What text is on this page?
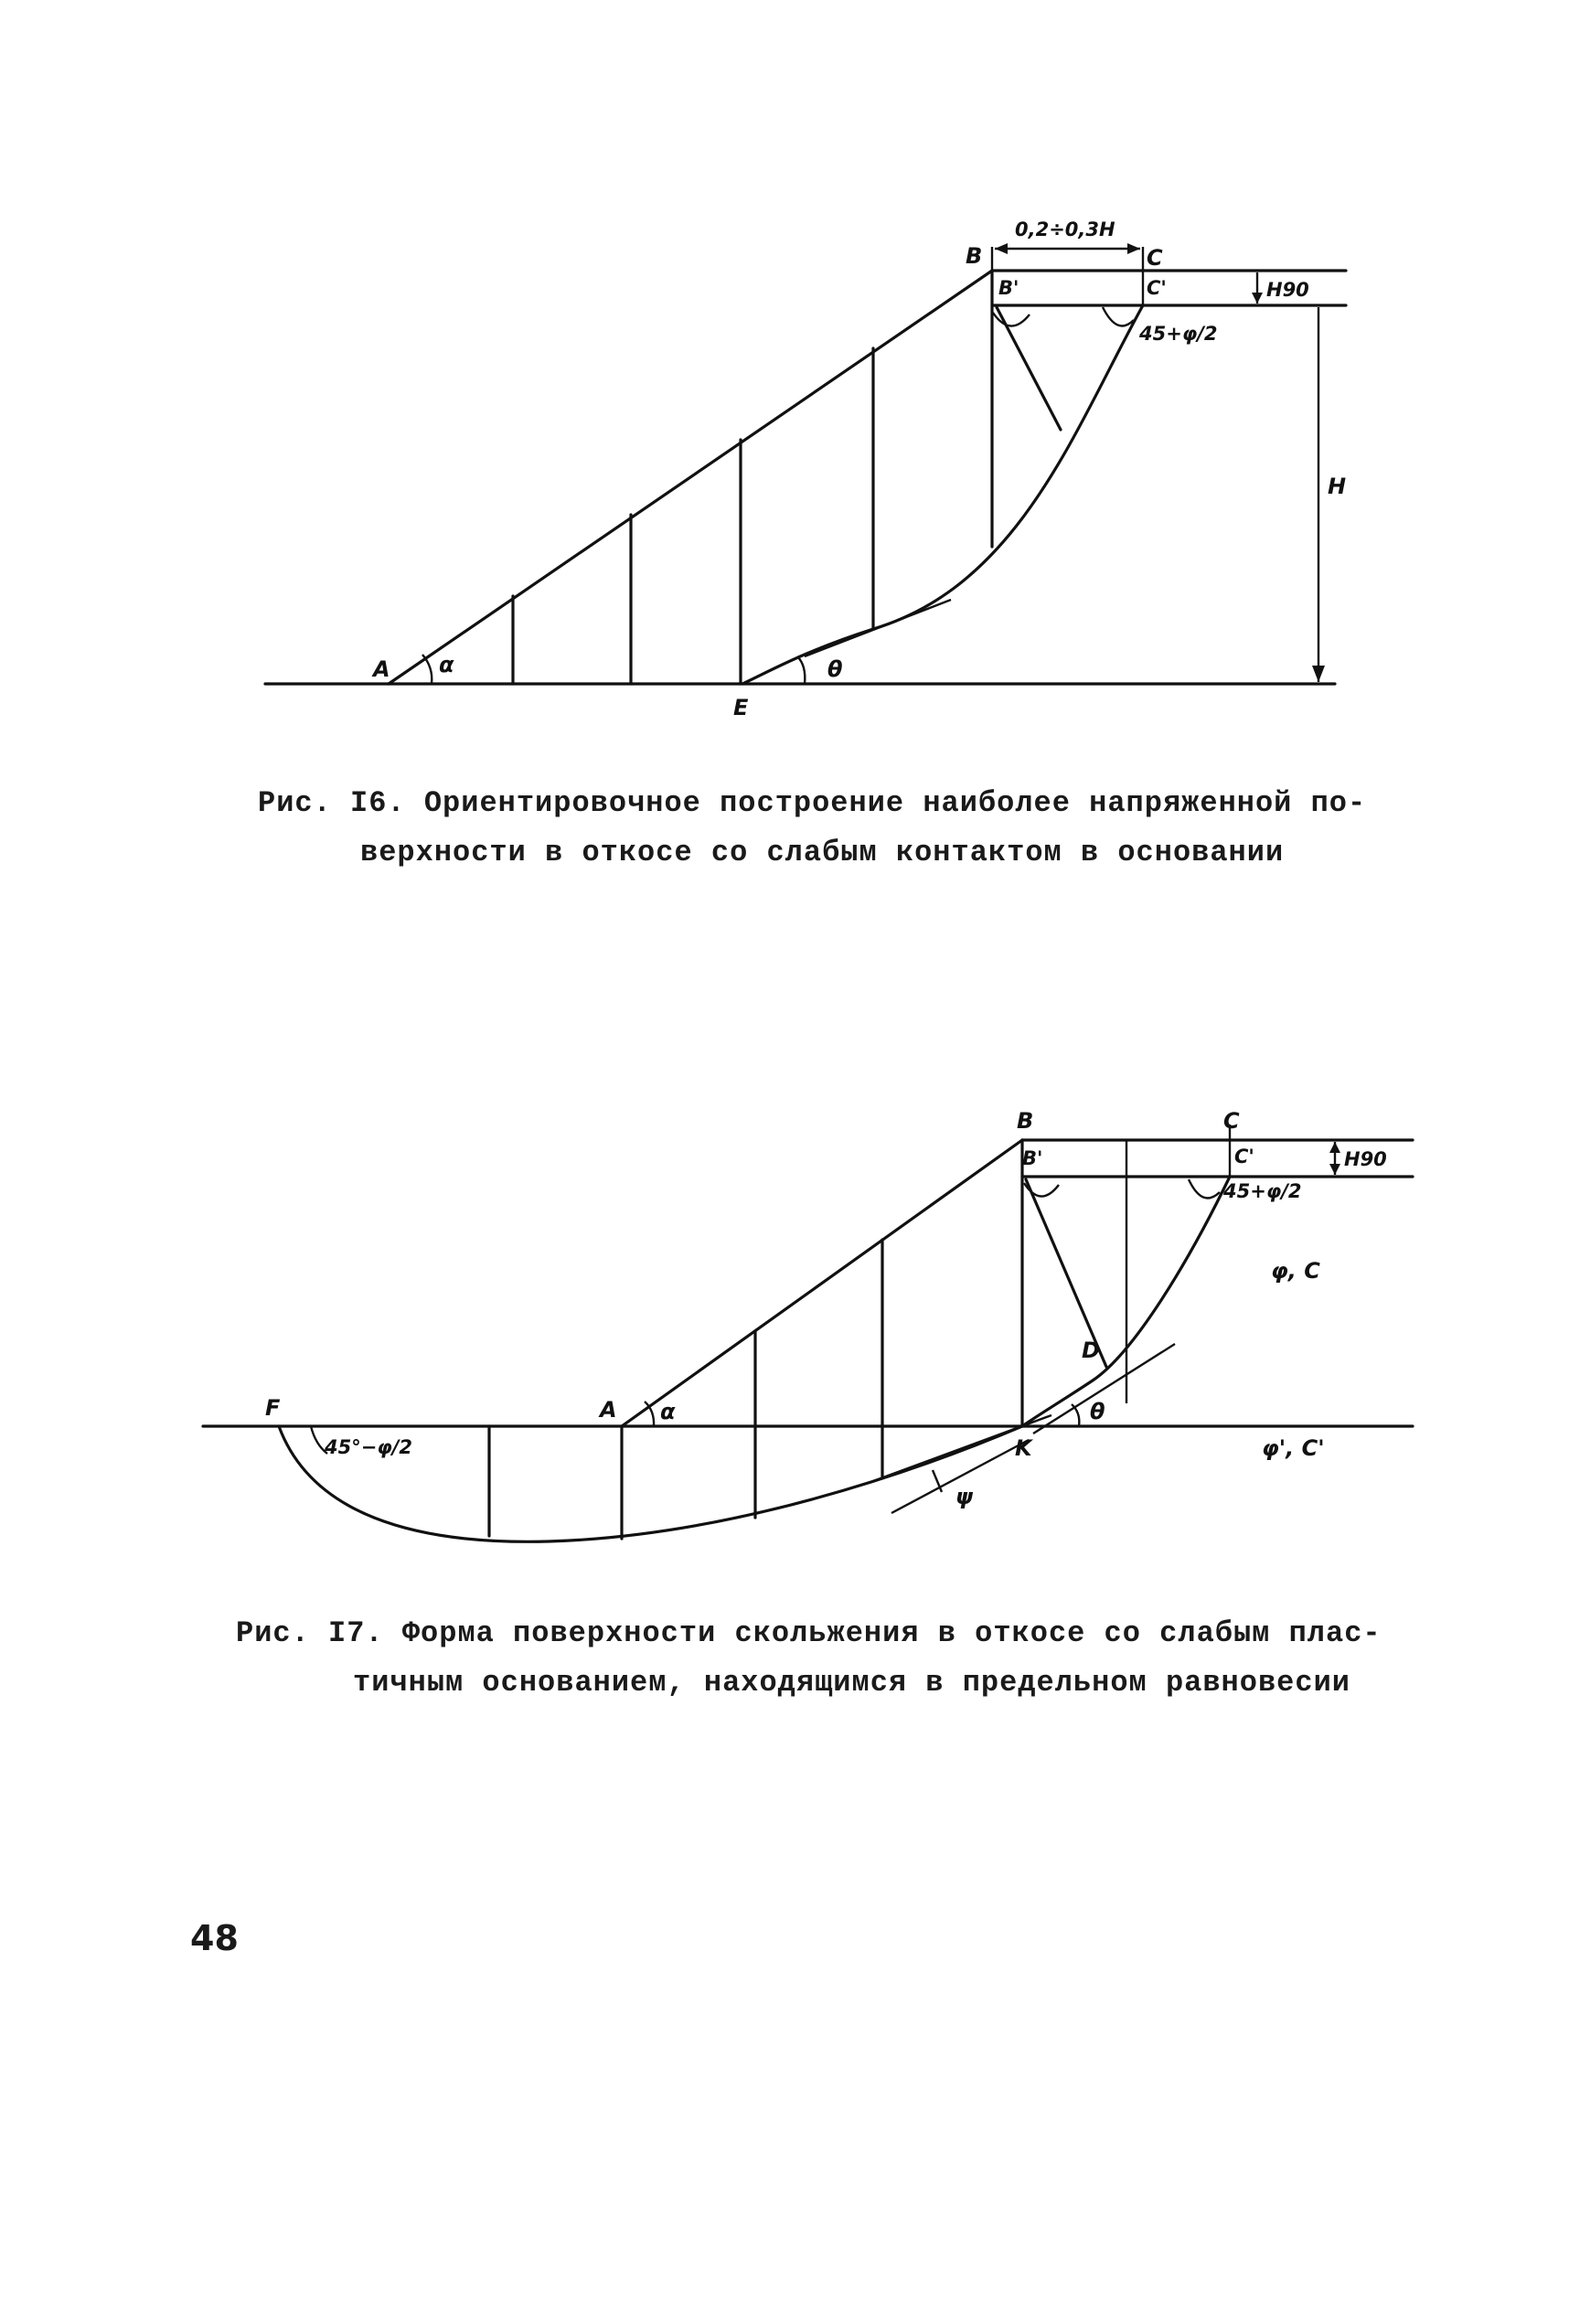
B	C
B'	C'
0,2÷0,3H
H90
H
45+φ/2
A α
E
θ
Рис. I6. Ориентировочное построение наиболее напряженной по-
верхности в откосе со слабым контактом в основании
B	C
B'	C'	H90
45+φ/2
φ, C
D
θ
F
45°−φ/2
A α
K
ψ
φ', C'
Рис. I7. Форма поверхности скольжения в откосе со слабым плас-
тичным основанием, находящимся в предельном равновесии
48
